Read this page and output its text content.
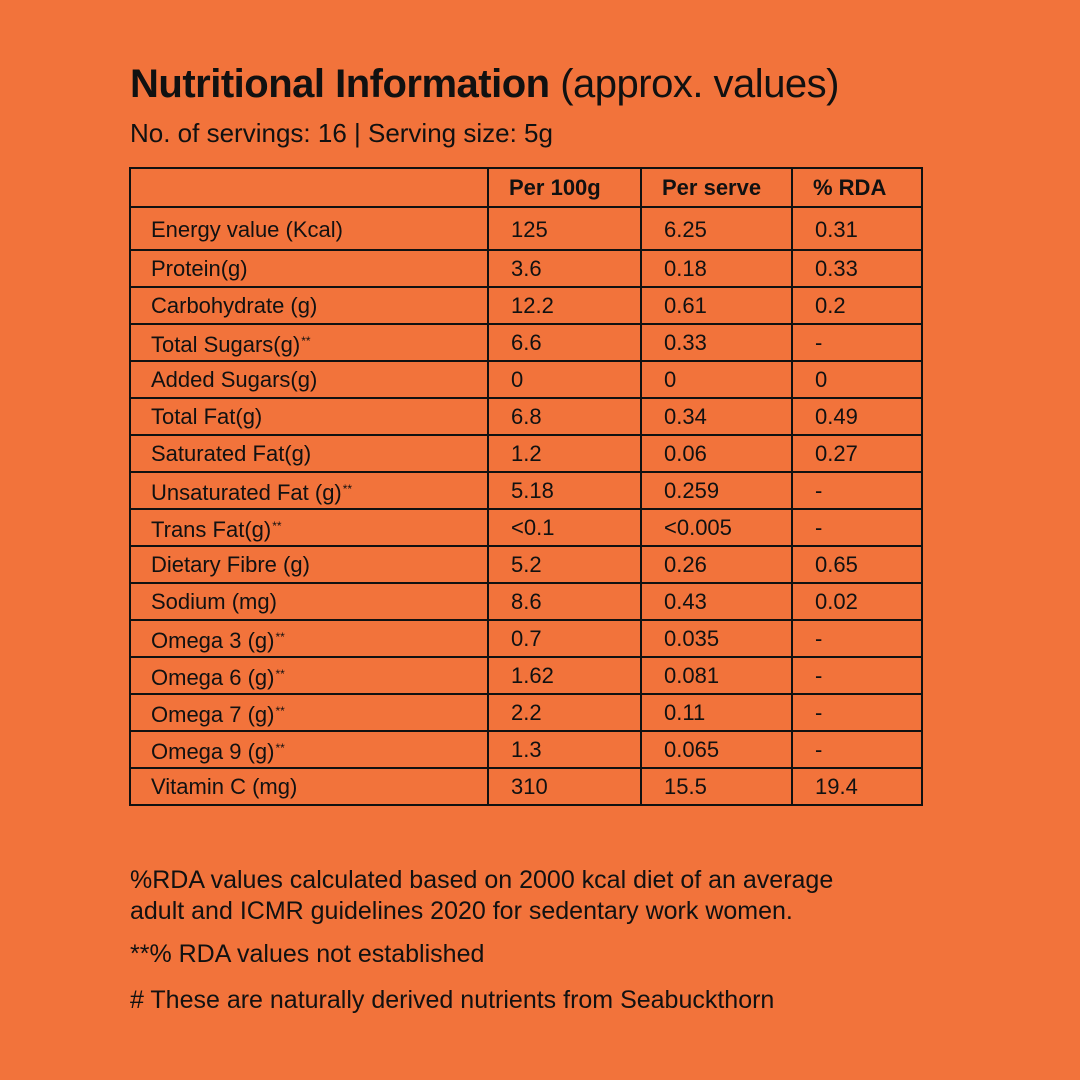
Nutritional Information (approx. values)
No. of servings: 16 | Serving size: 5g
	Per 100g	Per serve	% RDA
Energy value (Kcal)	125	6.25	0.31
Protein(g)	3.6	0.18	0.33
Carbohydrate (g)	12.2	0.61	0.2
Total Sugars(g)**	6.6	0.33	-
Added Sugars(g)	0	0	0
Total Fat(g)	6.8	0.34	0.49
Saturated Fat(g)	1.2	0.06	0.27
Unsaturated Fat (g)**	5.18	0.259	-
Trans Fat(g)**	<0.1	<0.005	-
Dietary Fibre (g)	5.2	0.26	0.65
Sodium (mg)	8.6	0.43	0.02
Omega 3 (g)**	0.7	0.035	-
Omega 6 (g)**	1.62	0.081	-
Omega 7 (g)**	2.2	0.11	-
Omega 9 (g)**	1.3	0.065	-
Vitamin C (mg)	310	15.5	19.4
%RDA values calculated based on 2000 kcal diet of an average
adult and ICMR guidelines 2020 for sedentary work women.
**% RDA values not established
# These are naturally derived nutrients from Seabuckthorn
